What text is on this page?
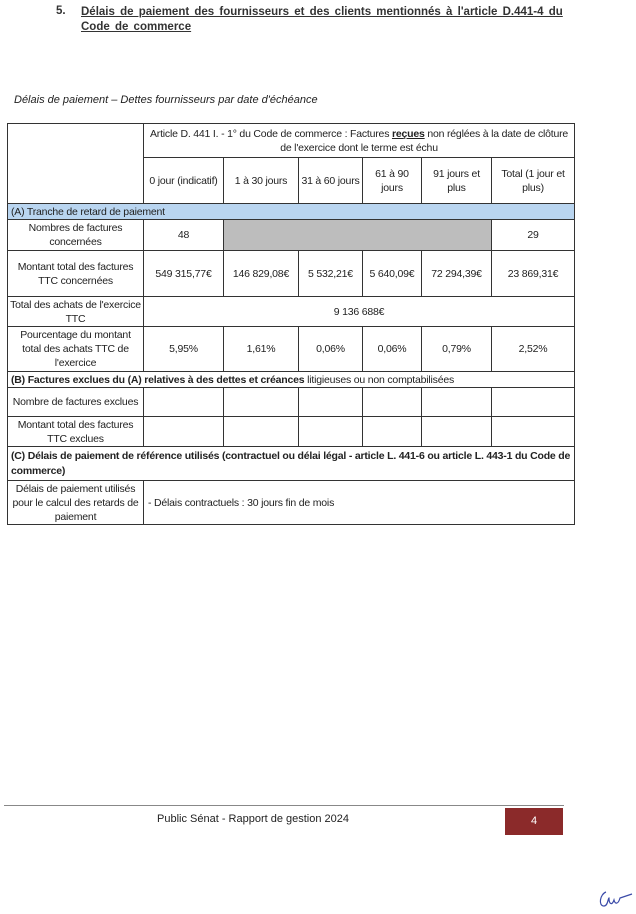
5. Délais de paiement des fournisseurs et des clients mentionnés à l'article D.441-4 du Code de commerce
Délais de paiement – Dettes fournisseurs par date d'échéance
	Article D. 441 I. - 1° du Code de commerce : Factures reçues non réglées à la date de clôture de l'exercice dont le terme est échu					
	0 jour (indicatif)	1 à 30 jours	31 à 60 jours	61 à 90 jours	91 jours et plus	Total (1 jour et plus)
(A) Tranche de retard de paiement						
Nombres de factures concernées	48					29
Montant total des factures TTC concernées	549 315,77€	146 829,08€	5 532,21€	5 640,09€	72 294,39€	23 869,31€
Total des achats de l'exercice TTC	9 136 688€					
Pourcentage du montant total des achats TTC de l'exercice	5,95%	1,61%	0,06%	0,06%	0,79%	2,52%
(B) Factures exclues du (A) relatives à des dettes et créances litigieuses ou non comptabilisées						
Nombre de factures exclues						
Montant total des factures TTC exclues						
(C) Délais de paiement de référence utilisés (contractuel ou délai légal - article L. 441-6 ou article L. 443-1 du Code de commerce)						
Délais de paiement utilisés pour le calcul des retards de paiement	- Délais contractuels : 30 jours fin de mois					
Public Sénat - Rapport de gestion 2024	4
